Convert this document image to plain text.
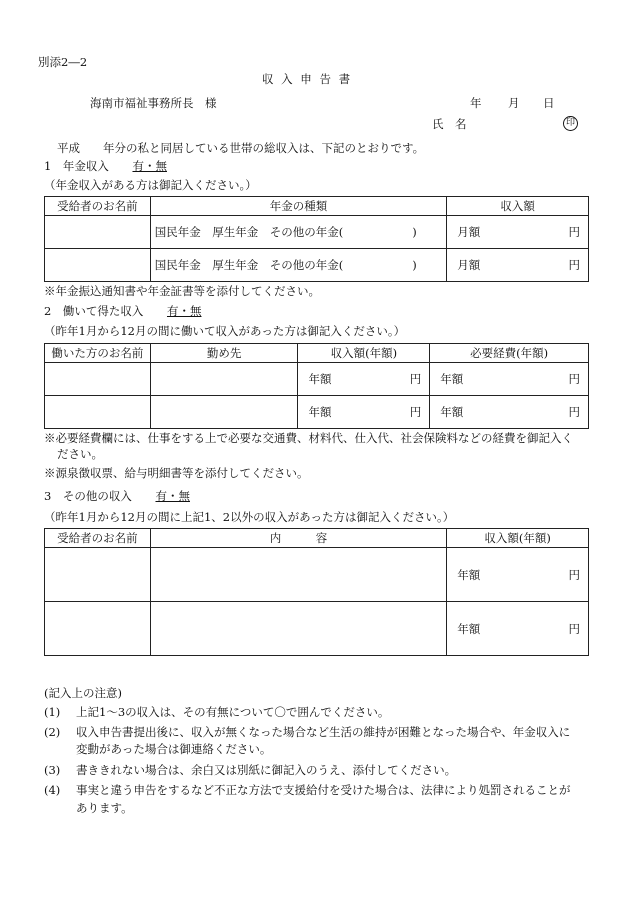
別添2―2
収 入 申 告 書
海南市福祉事務所長　様	年 月 日
氏　名	印
平成　　年分の私と同居している世帯の総収入は、下記のとおりです。
1　年金収入 有・無
（年金収入がある方は御記入ください。）
受給者のお名前	年金の種類	収入額
	国民年金　厚生年金　その他の年金(　　　　　　)	月額 円

	国民年金　厚生年金　その他の年金(　　　　　　)	月額 円
※年金振込通知書や年金証書等を添付してください。
2　働いて得た収入 有・無
（昨年1月から12月の間に働いて収入があった方は御記入ください。）
働いた方のお名前	勤め先	収入額(年額)	必要経費(年額)

		年額 円	年額 円

		年額 円	年額 円
※必要経費欄には、仕事をする上で必要な交通費、材料代、仕入代、社会保険料などの経費を御記入く
ださい。
※源泉徴収票、給与明細書等を添付してください。
3　その他の収入 有・無
（昨年1月から12月の間に上記1、2以外の収入があった方は御記入ください。）
受給者のお名前	内　　　容	収入額(年額)

		年額 円

		年額 円
(記入上の注意)
(1) 上記1～3の収入は、その有無について〇で囲んでください。
(2) 収入申告書提出後に、収入が無くなった場合など生活の維持が困難となった場合や、年金収入に
変動があった場合は御連絡ください。
(3) 書ききれない場合は、余白又は別紙に御記入のうえ、添付してください。
(4) 事実と違う申告をするなど不正な方法で支援給付を受けた場合は、法律により処罰されることが
あります。
